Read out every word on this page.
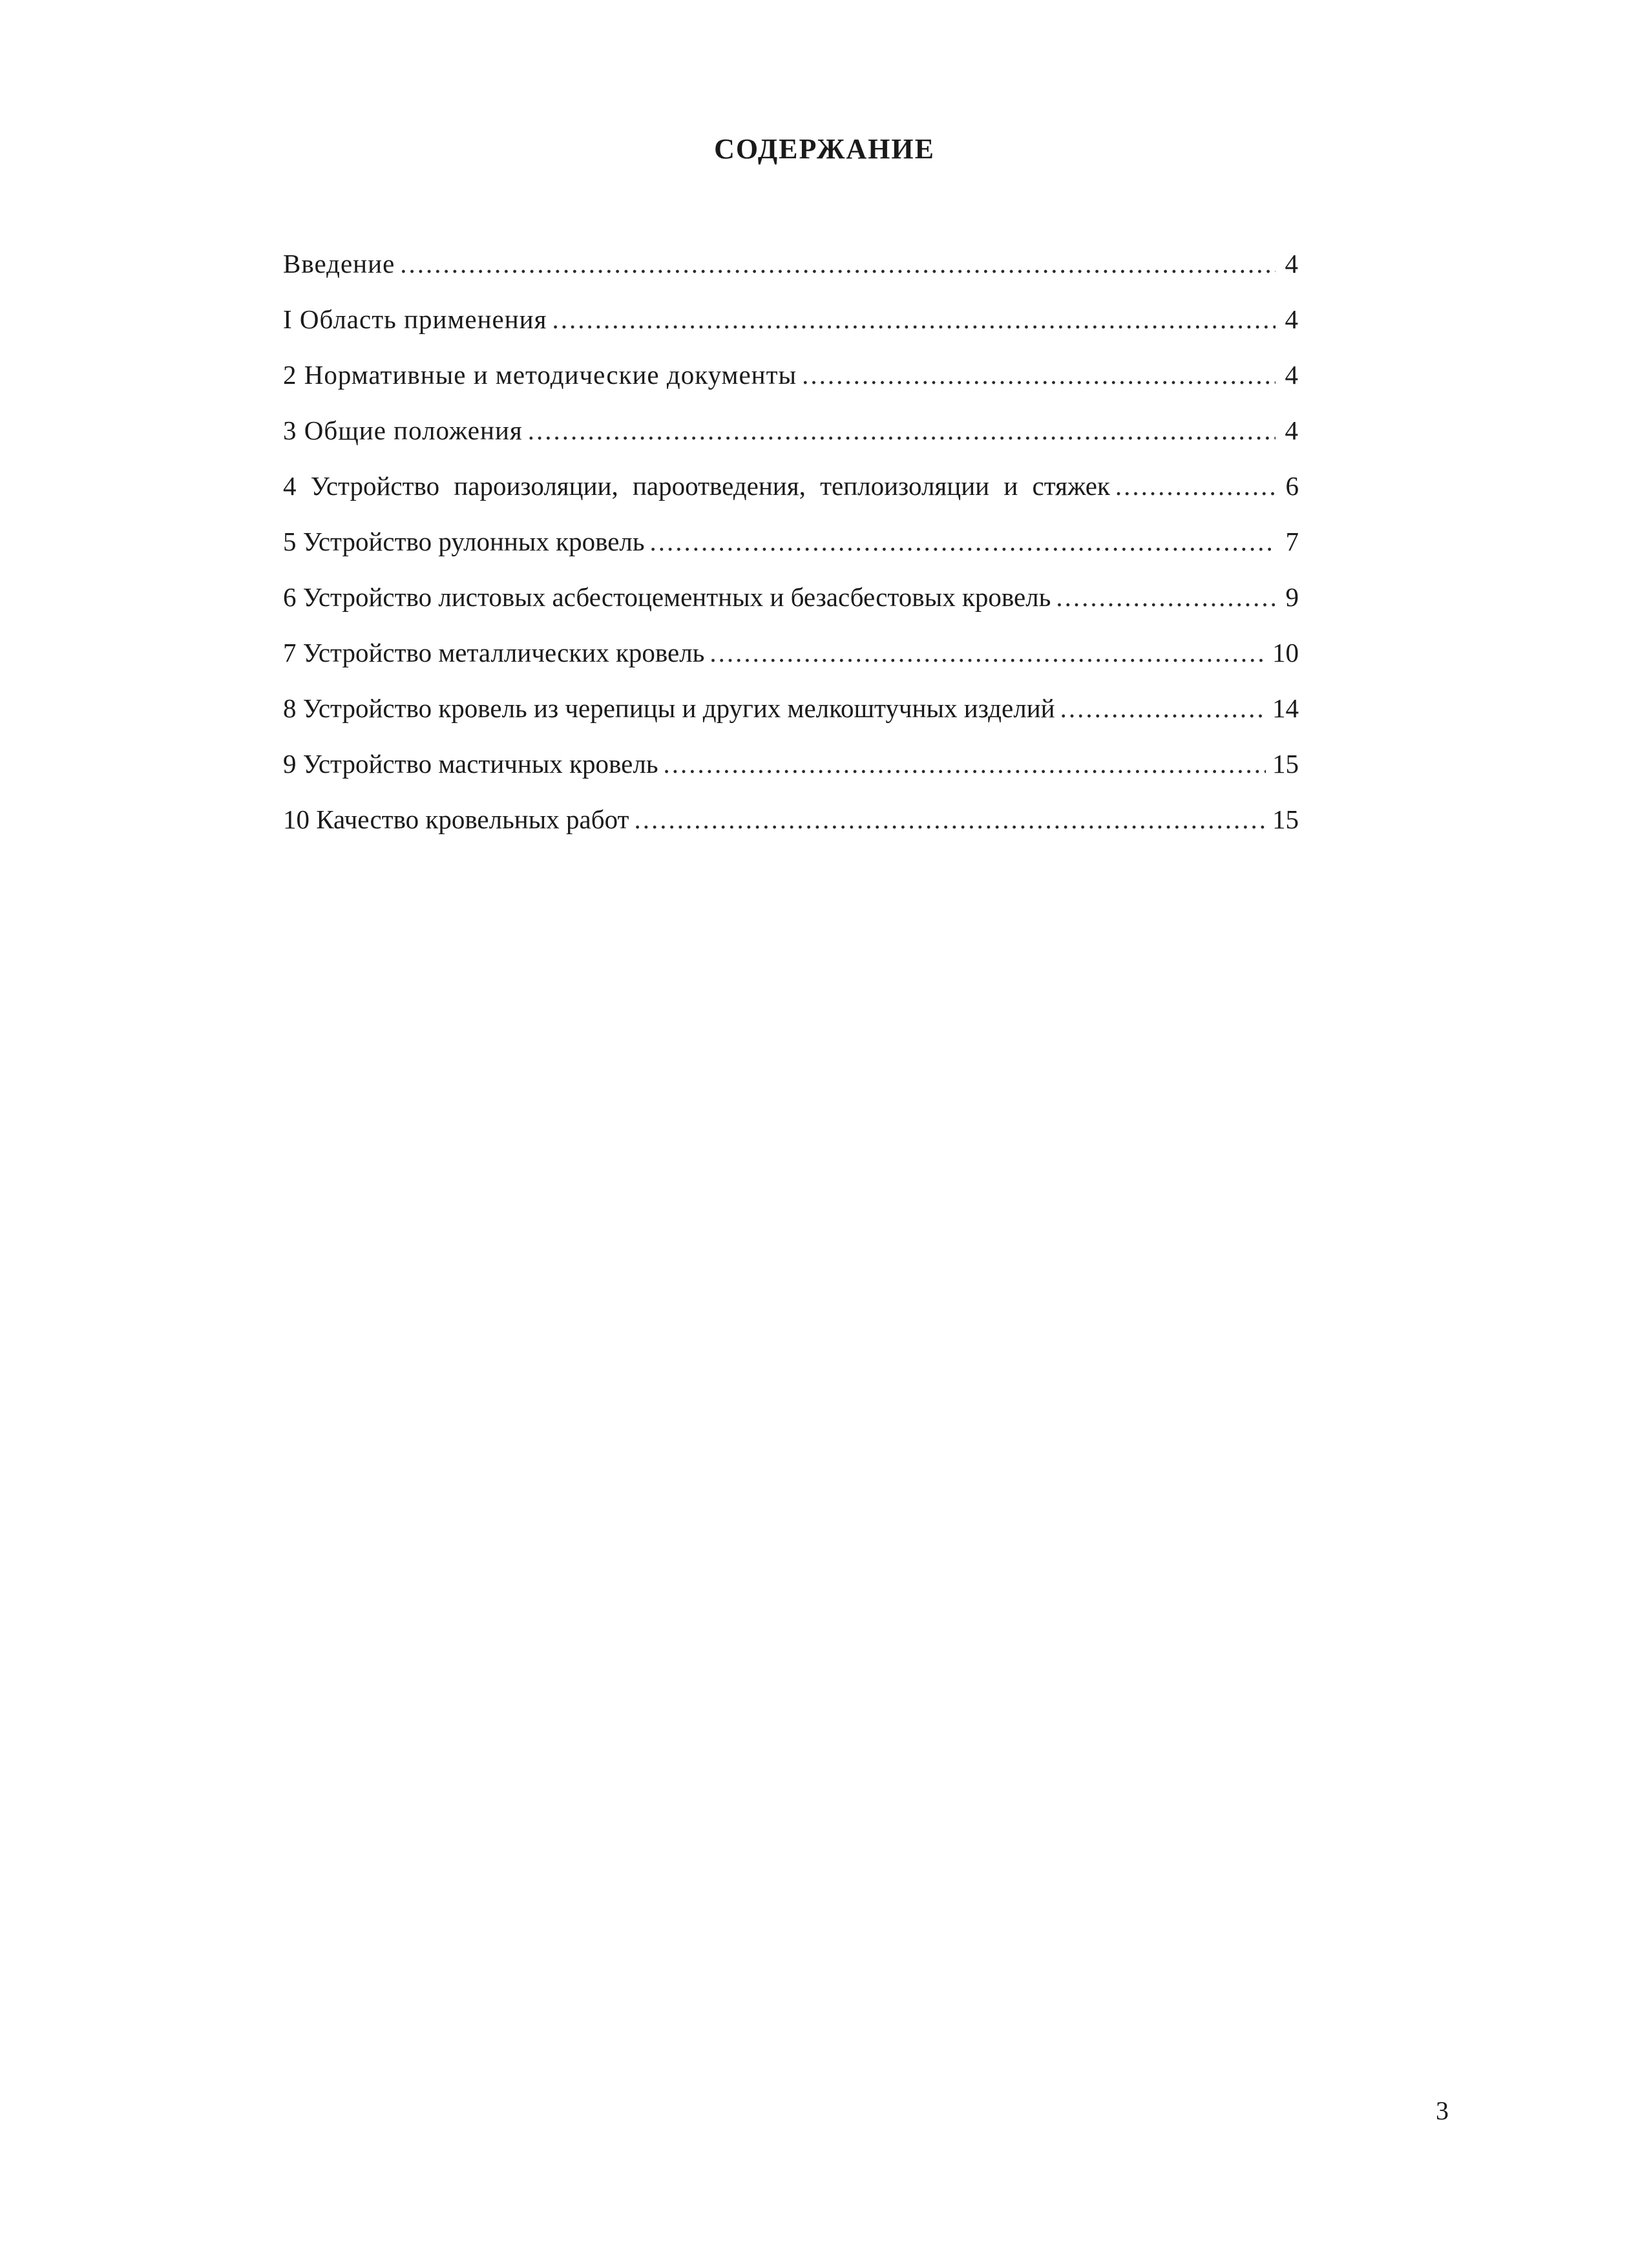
СОДЕРЖАНИЕ
Введение .....	4
I Область применения .....	4
2 Нормативные и методические документы .....	4
3 Общие положения .....	4
4 Устройство пароизоляции, пароотведения, теплоизоляции и стяжек .....	6
5 Устройство рулонных кровель .....	7
6 Устройство листовых асбестоцементных и безасбестовых кровель .....	9
7 Устройство металлических кровель .....	10
8 Устройство кровель из черепицы и других мелкоштучных изделий .....	14
9 Устройство мастичных кровель .....	15
10 Качество кровельных работ .....	15
3
